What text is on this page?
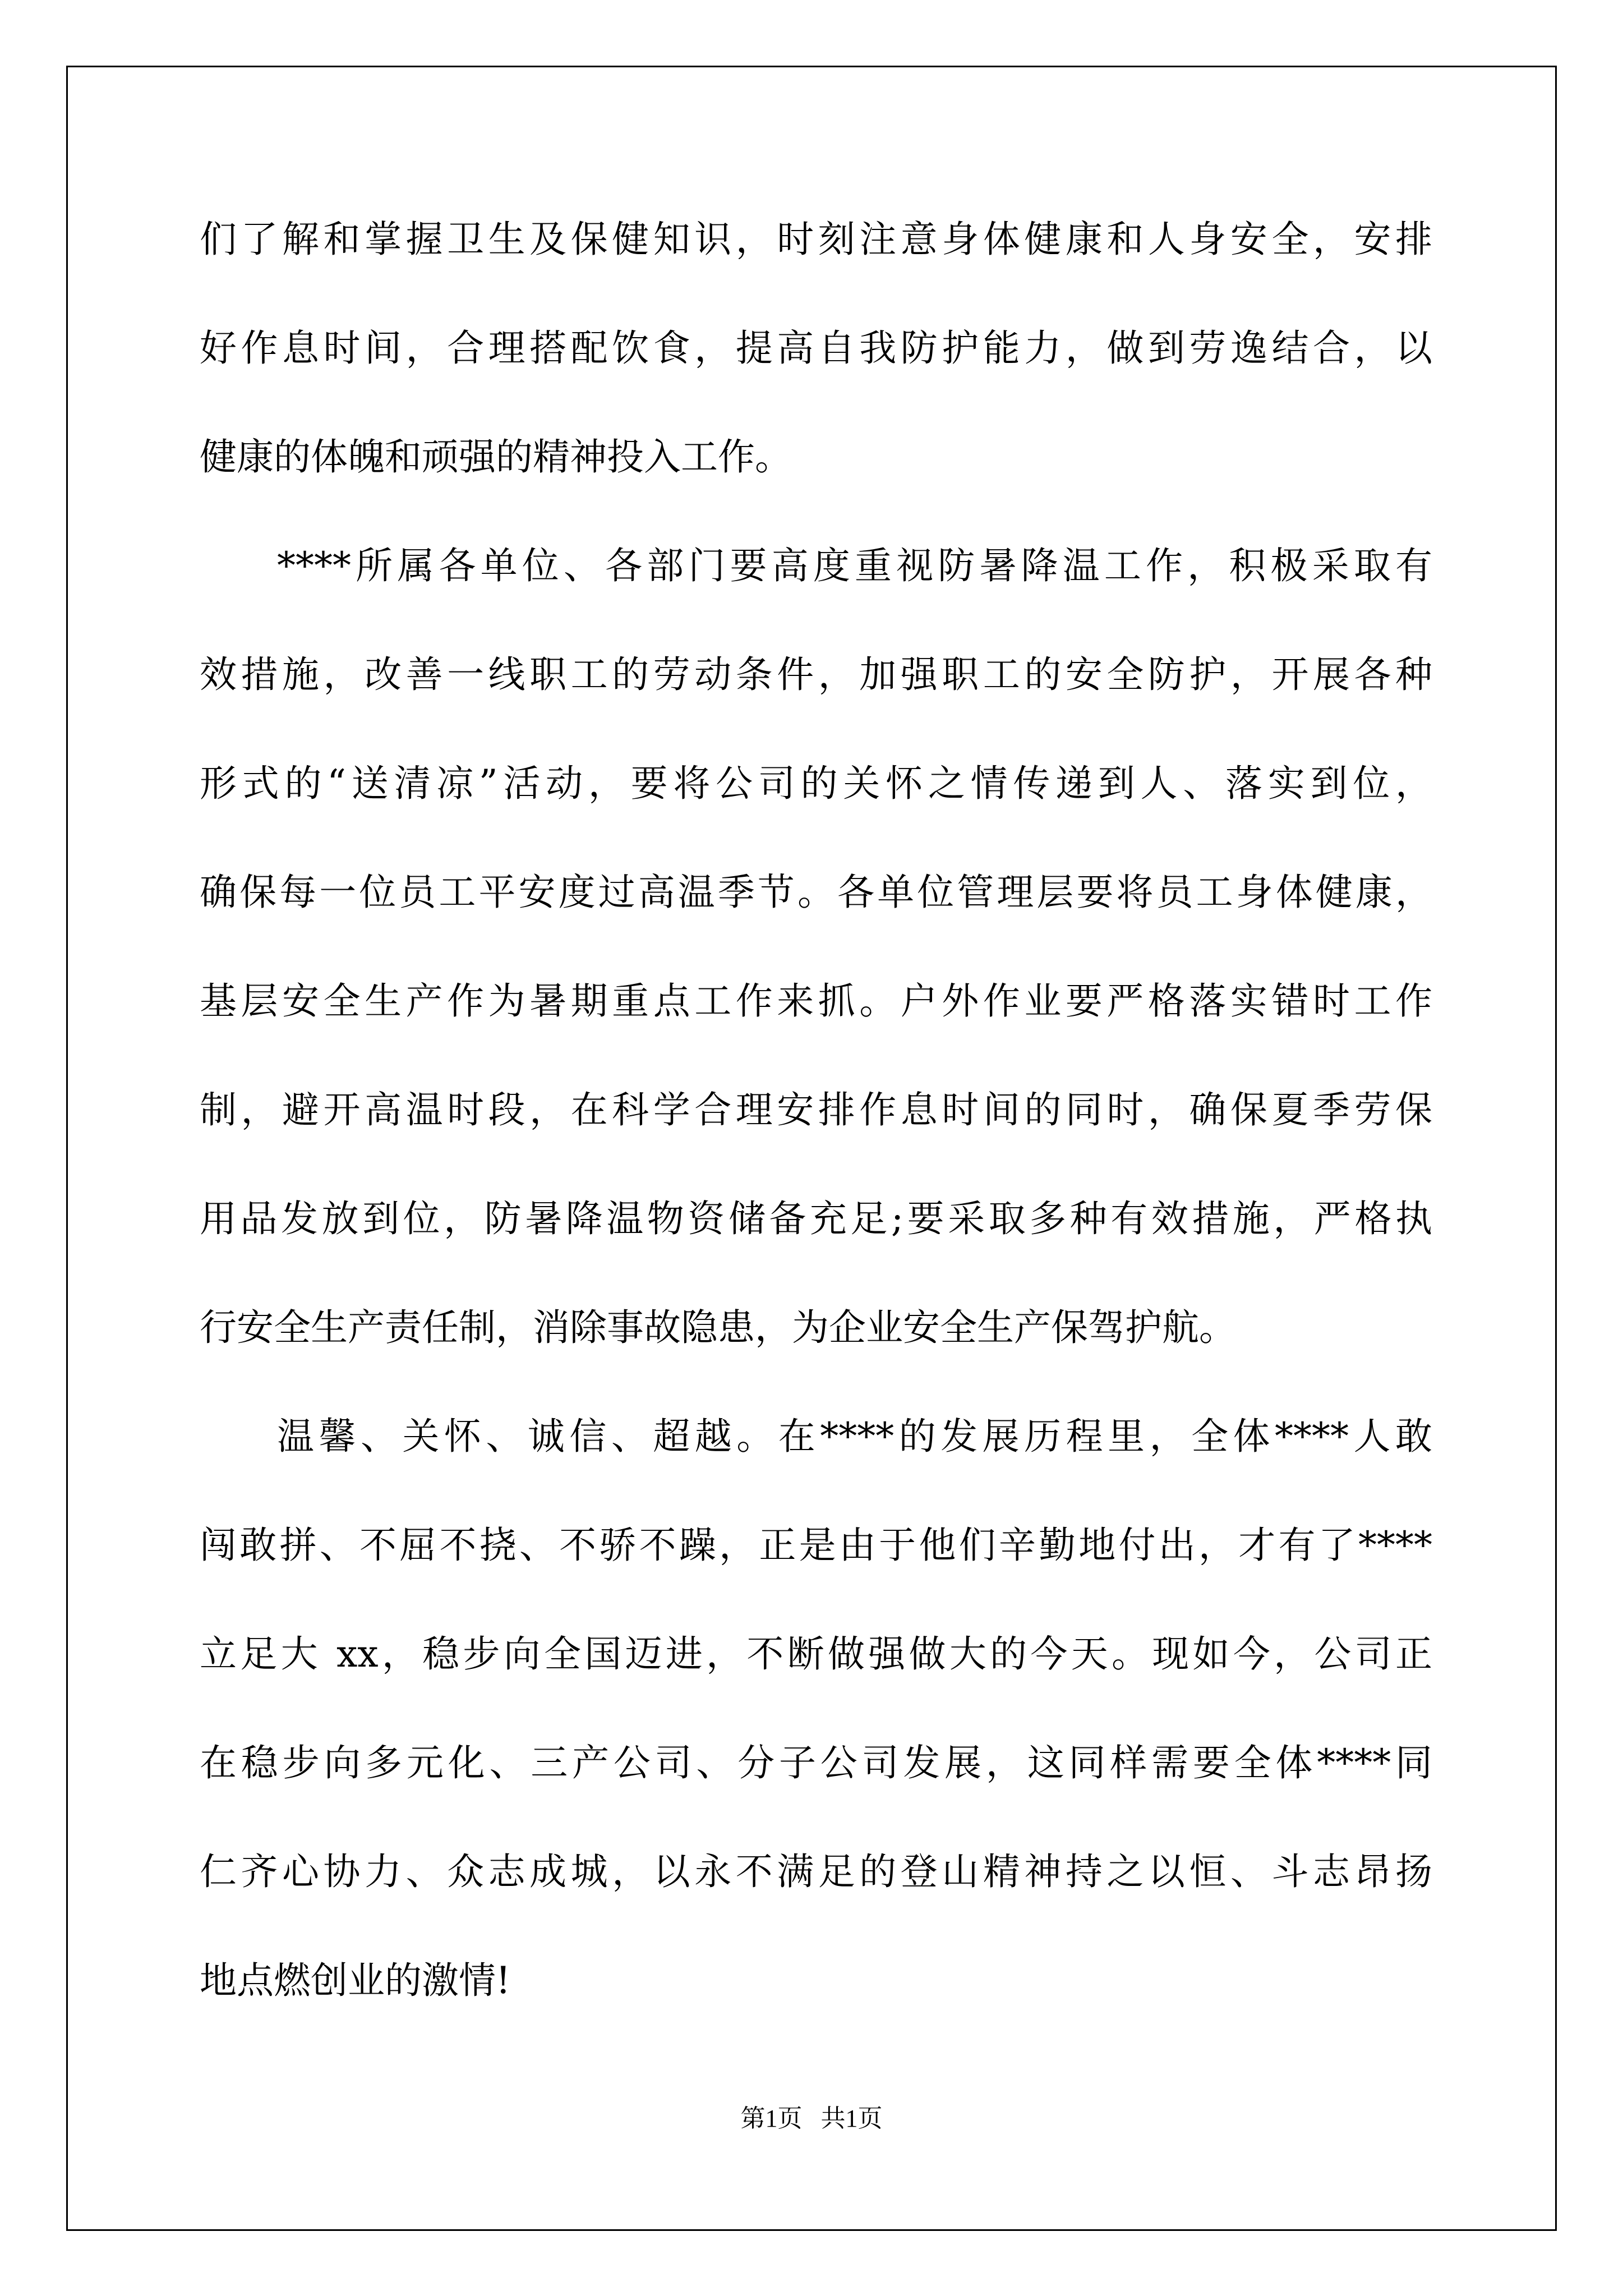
们了解和掌握卫生及保健知识，时刻注意身体健康和人身安全，安排
好作息时间，合理搭配饮食，提高自我防护能力，做到劳逸结合，以
健康的体魄和顽强的精神投入工作。
****所属各单位、各部门要高度重视防暑降温工作，积极采取有
效措施，改善一线职工的劳动条件，加强职工的安全防护，开展各种
形式的“送清凉”活动，要将公司的关怀之情传递到人、落实到位，
确保每一位员工平安度过高温季节。各单位管理层要将员工身体健康，
基层安全生产作为暑期重点工作来抓。户外作业要严格落实错时工作
制，避开高温时段，在科学合理安排作息时间的同时，确保夏季劳保
用品发放到位，防暑降温物资储备充足;要采取多种有效措施，严格执
行安全生产责任制，消除事故隐患，为企业安全生产保驾护航。
温馨、关怀、诚信、超越。在****的发展历程里，全体****人敢
闯敢拼、不屈不挠、不骄不躁，正是由于他们辛勤地付出，才有了****
立足大 xx，稳步向全国迈进，不断做强做大的今天。现如今，公司正
在稳步向多元化、三产公司、分子公司发展，这同样需要全体****同
仁齐心协力、众志成城，以永不满足的登山精神持之以恒、斗志昂扬
地点燃创业的激情!
第1页 共1页
